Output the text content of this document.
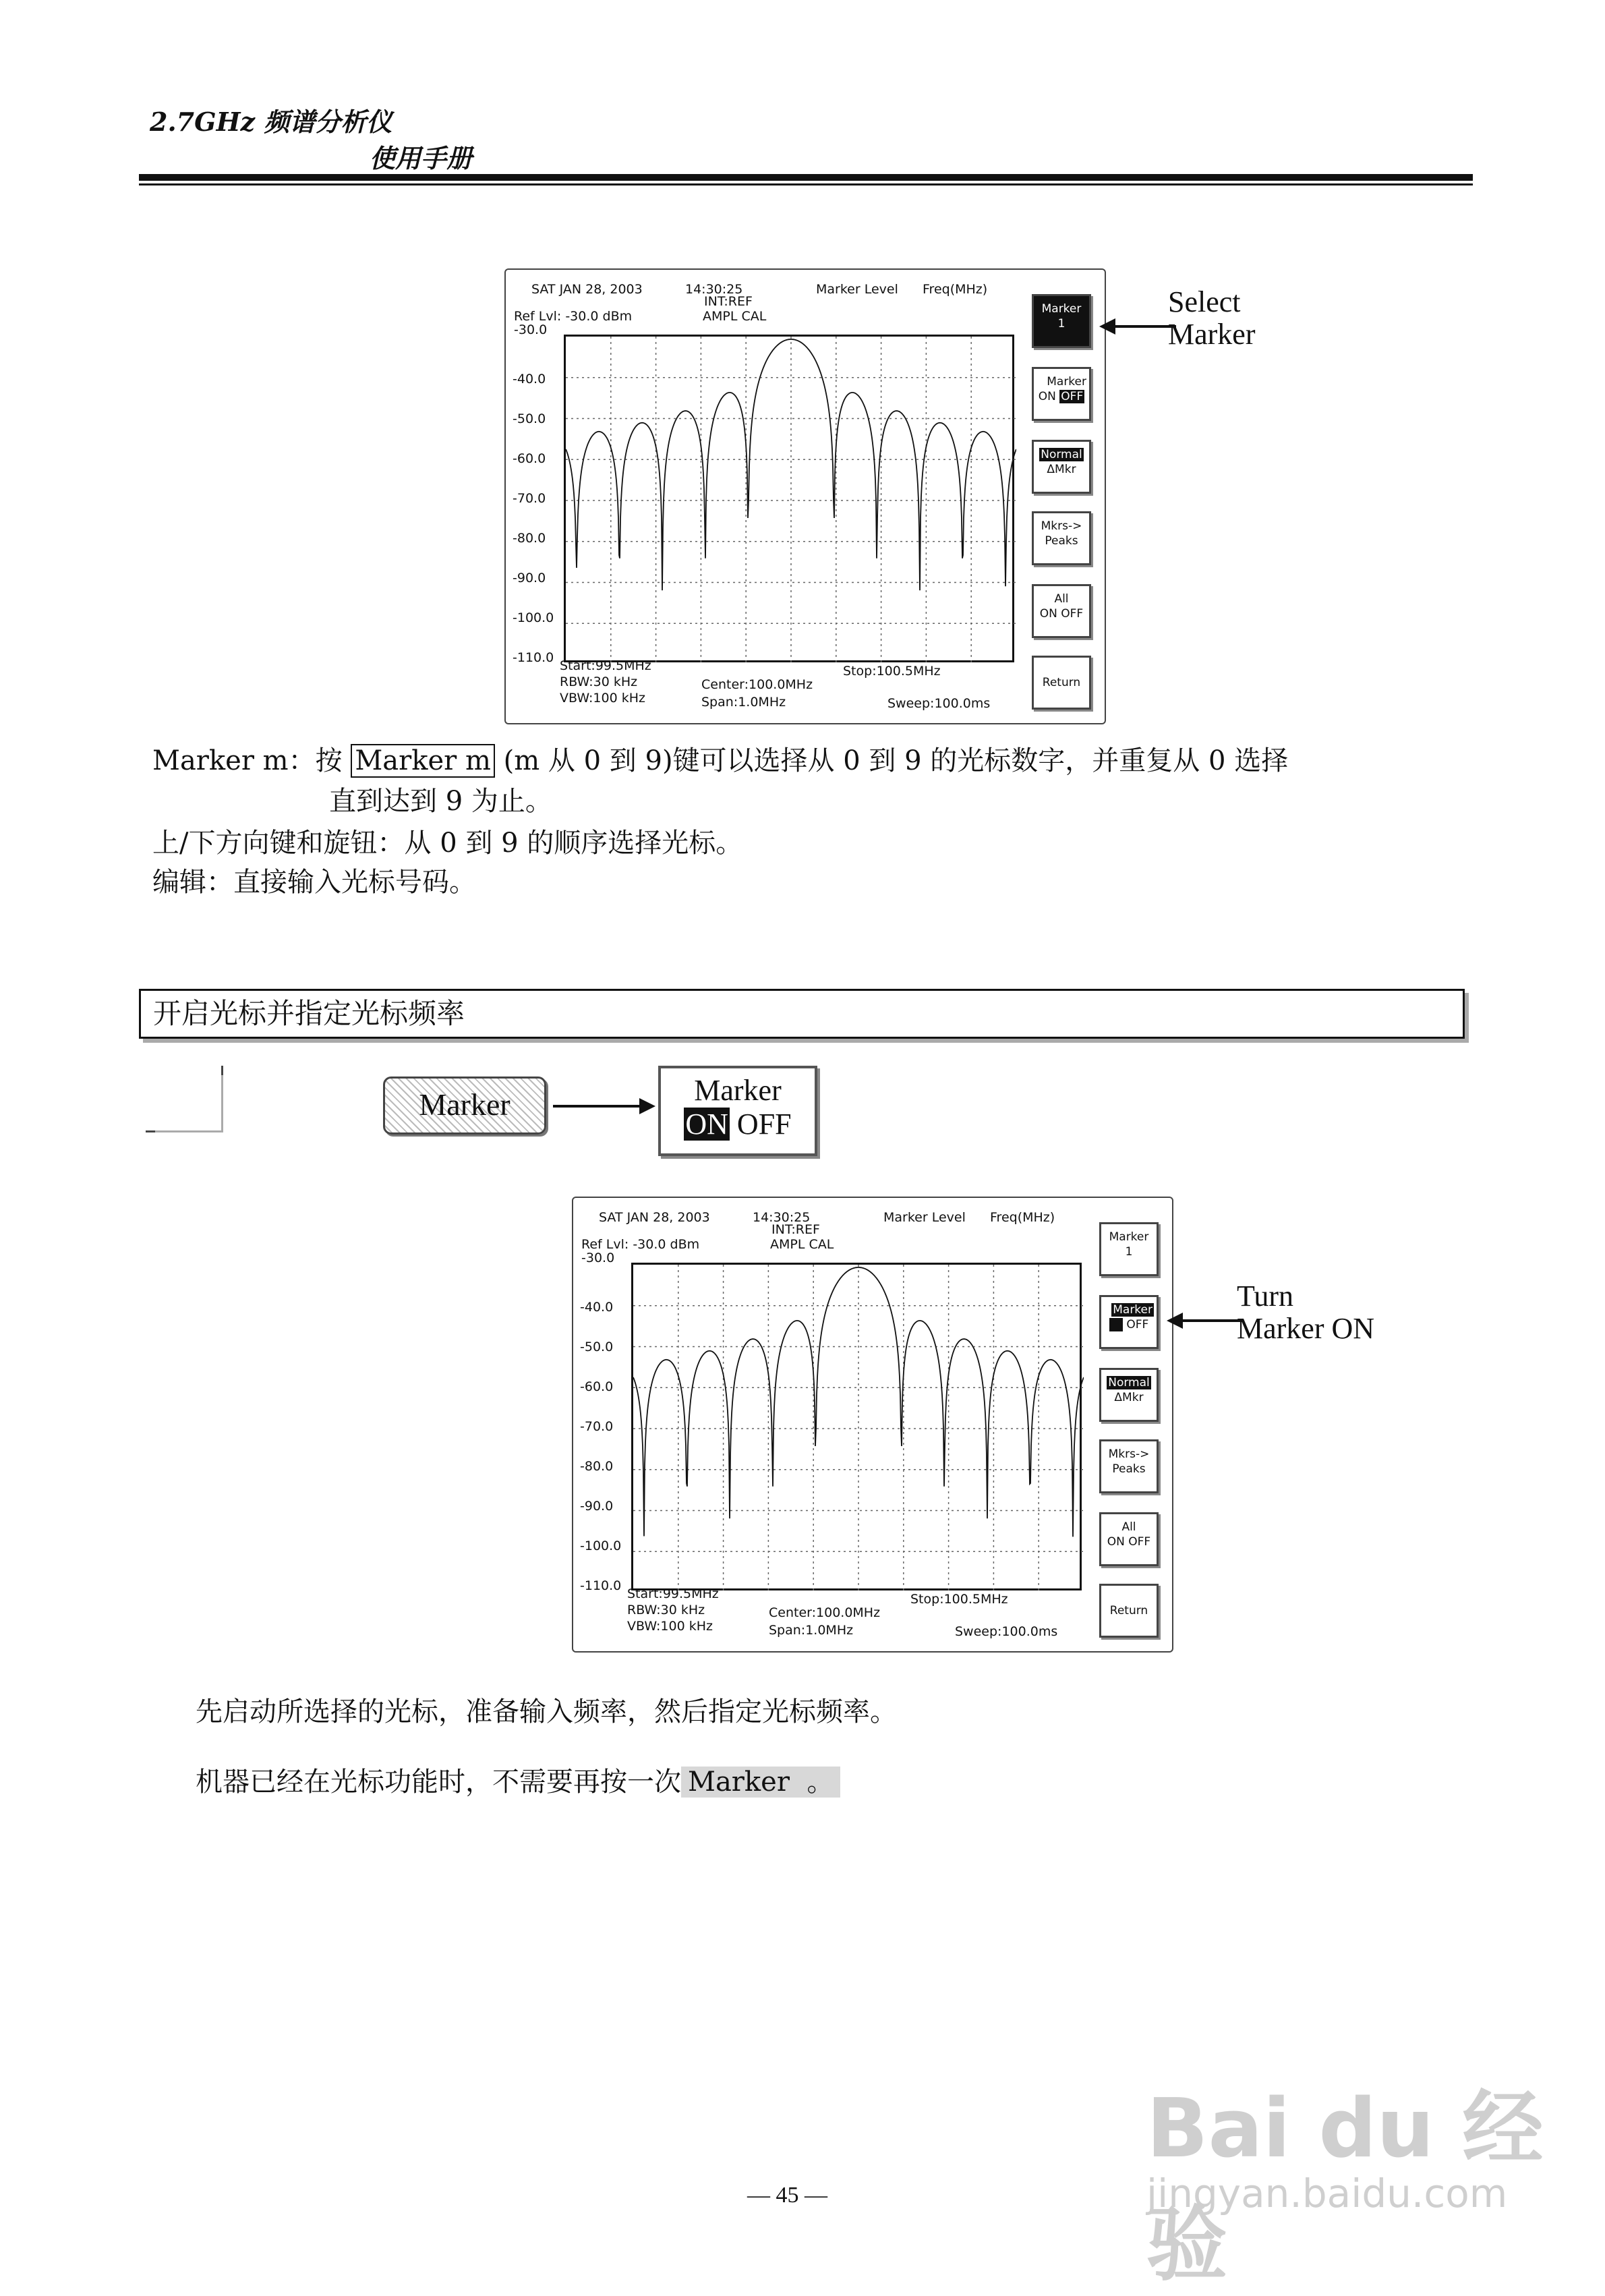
2.7GHz 频谱分析仪
使用手册
SAT JAN 28, 2003	14:30:25
INT:REF
Marker Level Freq(MHz)
Ref Lvl: -30.0 dBm	AMPL CAL
-30.0
-40.0
-50.0
-60.0
-70.0
-80.0
-90.0
-100.0
-110.0
Start:99.5MHz
RBW:30 kHz
VBW:100 kHz
Center:100.0MHz
Span:1.0MHz
Stop:100.5MHz
Sweep:100.0ms
Marker
1
Marker
ON OFF
Normal
ΔMkr
Mkrs->
Peaks
All
ON OFF
Return
Select
Marker
Marker m：按 Marker m (m 从 0 到 9)键可以选择从 0 到 9 的光标数字，并重复从 0 选择
直到达到 9 为止。
上/下方向键和旋钮：从 0 到 9 的顺序选择光标。
编辑：直接输入光标号码。
开启光标并指定光标频率
Marker	Marker
ON OFF
SAT JAN 28, 2003	14:30:25
INT:REF
Marker Level Freq(MHz)
Ref Lvl: -30.0 dBm	AMPL CAL
-30.0
-40.0
-50.0
-60.0
-70.0
-80.0
-90.0
-100.0
-110.0
Start:99.5MHz
RBW:30 kHz
VBW:100 kHz
Center:100.0MHz
Span:1.0MHz
Stop:100.5MHz
Sweep:100.0ms
Marker
1
Marker
OFF
Normal
ΔMkr
Mkrs->
Peaks
All
ON OFF
Return
Turn
Marker ON
先启动所选择的光标，准备输入频率，然后指定光标频率。
机器已经在光标功能时，不需要再按一次 Marker 。
Bai du 经验
jingyan.baidu.com
— 45 —
